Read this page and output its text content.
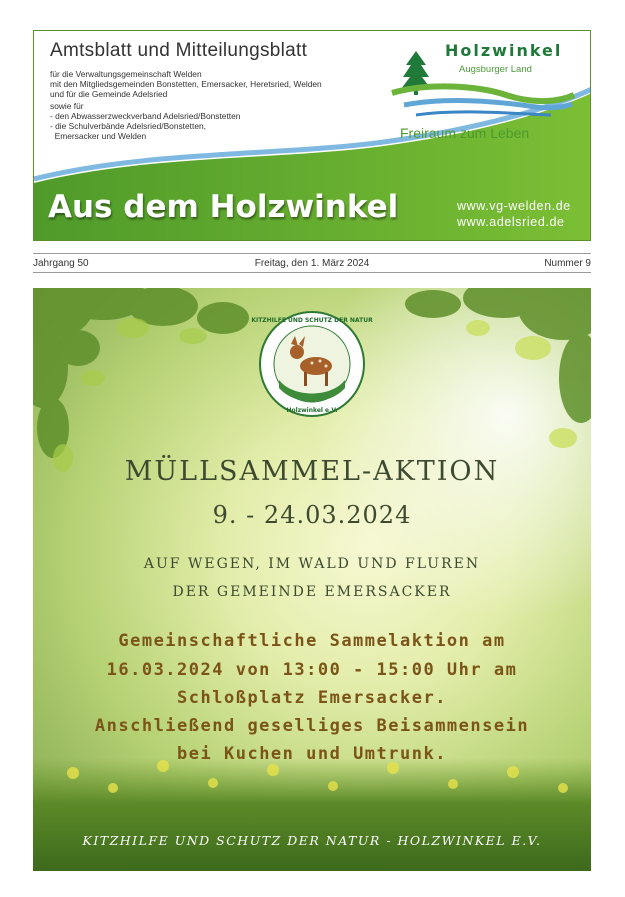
Amtsblatt und Mitteilungsblatt
für die Verwaltungsgemeinschaft Welden
mit den Mitgliedsgemeinden Bonstetten, Emersacker, Heretsried, Welden
und für die Gemeinde Adelsried
sowie für
- den Abwasserzweckverband Adelsried/Bonstetten
- die Schulverbände Adelsried/Bonstetten,
Emersacker und Welden
Holzwinkel
Augsburger Land
Freiraum zum Leben
Aus dem Holzwinkel	www.vg-welden.de
www.adelsried.de
Jahrgang 50	Freitag, den 1. März 2024	Nummer 9
KITZHILFE UND SCHUTZ DER NATUR
Holzwinkel e.V.
MÜLLSAMMEL-AKTION
9. - 24.03.2024
AUF WEGEN, IM WALD UND FLUREN
DER GEMEINDE EMERSACKER
Gemeinschaftliche Sammelaktion am
16.03.2024 von 13:00 - 15:00 Uhr am
Schloßplatz Emersacker.
Anschließend geselliges Beisammensein
bei Kuchen und Umtrunk.
KITZHILFE UND SCHUTZ DER NATUR - HOLZWINKEL E.V.
